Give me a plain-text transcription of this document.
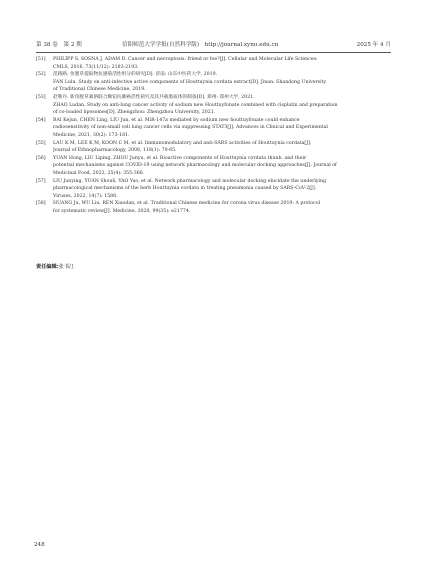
第 38 卷　第 2 期	信阳师范大学学报(自然科学版)　http://journal.xynu.edu.cn	2025 年 4 月
[51]	PHILIPP S, SOSNA J, ADAM D. Cancer and necroptosis: friend or foe?[J]. Cellular and Molecular Life Sciences:
CMLS, 2016, 73(11/12): 2183-2193.
[52]	范路路. 鱼腥草提取物抗感染活性组分的研究[D]. 济南: 山东中医药大学, 2019.
FAN Lulu. Study on anti-infective active components of Houttuynia cordata extract[D]. Jinan: Shandong University
of Traditional Chinese Medicine, 2019.
[53]	赵勒丹. 新鱼腥草素钠联合顺铂抗肺癌活性研究及其共载脂质体的制备[D]. 郑州: 郑州大学, 2021.
ZHAO Ludan. Study on anti-lung cancer activity of sodium new Houttuyfonate combined with cisplatin and preparation
of co-loaded liposomes[D]. Zhengzhou: Zhengzhou University, 2021.
[54]	BAI Kejun, CHEN Ling, LIU Jun, et al. MiR-147a mediated by sodium new houttuyfonate could enhance
radiosensitivity of non-small cell lung cancer cells via suppressing STAT3[J]. Advances in Clinical and Experimental
Medicine, 2021, 30(2): 173-181.
[55]	LAU K M, LEE K M, KOON C M, et al. Immunomodulatory and anti-SARS activities of Houttuynia cordata[J].
Journal of Ethnopharmacology, 2008, 118(1): 79-85.
[56]	YUAN Hong, LIU Liping, ZHOU Junyu, et al. Bioactive components of Houttuynia cordata thunb. and their
potential mechanisms against COVID-19 using network pharmacology and molecular docking approaches[J]. Journal of
Medicinal Food, 2022, 25(4): 355-366.
[57]	LIU Junying, YUAN Shouli, YAO Yao, et al. Network pharmacology and molecular docking elucidate the underlying
pharmacological mechanisms of the herb Houttuynia cordata in treating pneumonia caused by SARS-CoV-2[J].
Viruses, 2022, 14(7): 1588.
[58]	HUANG Ju, WU Liu, REN Xiaodan, et al. Traditional Chinese medicine for corona virus disease 2019: A protocol
for systematic review[J]. Medicine, 2020, 99(35): e21774.
责任编辑:张书江
248
